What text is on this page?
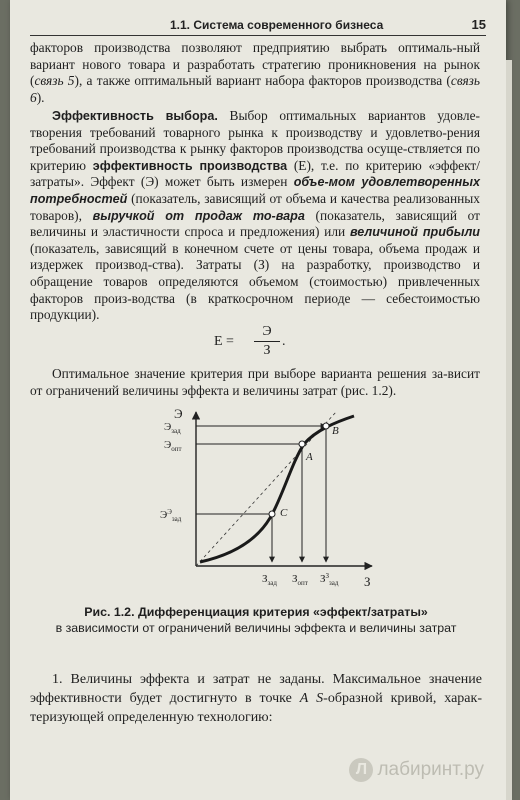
1.1. Система современного бизнеса	15
факторов производства позволяют предприятию выбрать оптималь-ный вариант нового товара и разработать стратегию проникновения на рынок (связь 5), а также оптимальный вариант набора факторов производства (связь 6).
Эффективность выбора. Выбор оптимальных вариантов удовле-творения требований товарного рынка к производству и удовлетво-рения требований производства к рынку факторов производства осуще-ствляется по критерию эффективность производства (Е), т.е. по критерию «эффект/затраты». Эффект (Э) может быть измерен объе-мом удовлетворенных потребностей (показатель, зависящий от объема и качества реализованных товаров), выручкой от продаж то-вара (показатель, зависящий от величины и эластичности спроса и предложения) или величиной прибыли (показатель, зависящий в конечном счете от цены товара, объема продаж и издержек производ-ства). Затраты (З) на разработку, производство и обращение товаров определяются объемом (стоимостью) привлеченных факторов произ-водства (в краткосрочном периоде — себестоимостью продукции).
Е =
Э
З
.
Оптимальное значение критерия при выборе варианта решения за-висит от ограничений величины эффекта и величины затрат (рис. 1.2).
Э
З
C
A
B
$Э_{зад}$
$Э_{опт}$
$Э^Э_{зад}$
$З_{зад}$ $З_{опт}$ $З^З_{зад}$
Рис. 1.2. Дифференциация критерия «эффект/затраты»
в зависимости от ограничений величины эффекта и величины затрат
1. Величины эффекта и затрат не заданы. Максимальное значение эффективности будет достигнуто в точке A S-образной кривой, харак-теризующей определенную технологию:
Л лабиринт.ру
